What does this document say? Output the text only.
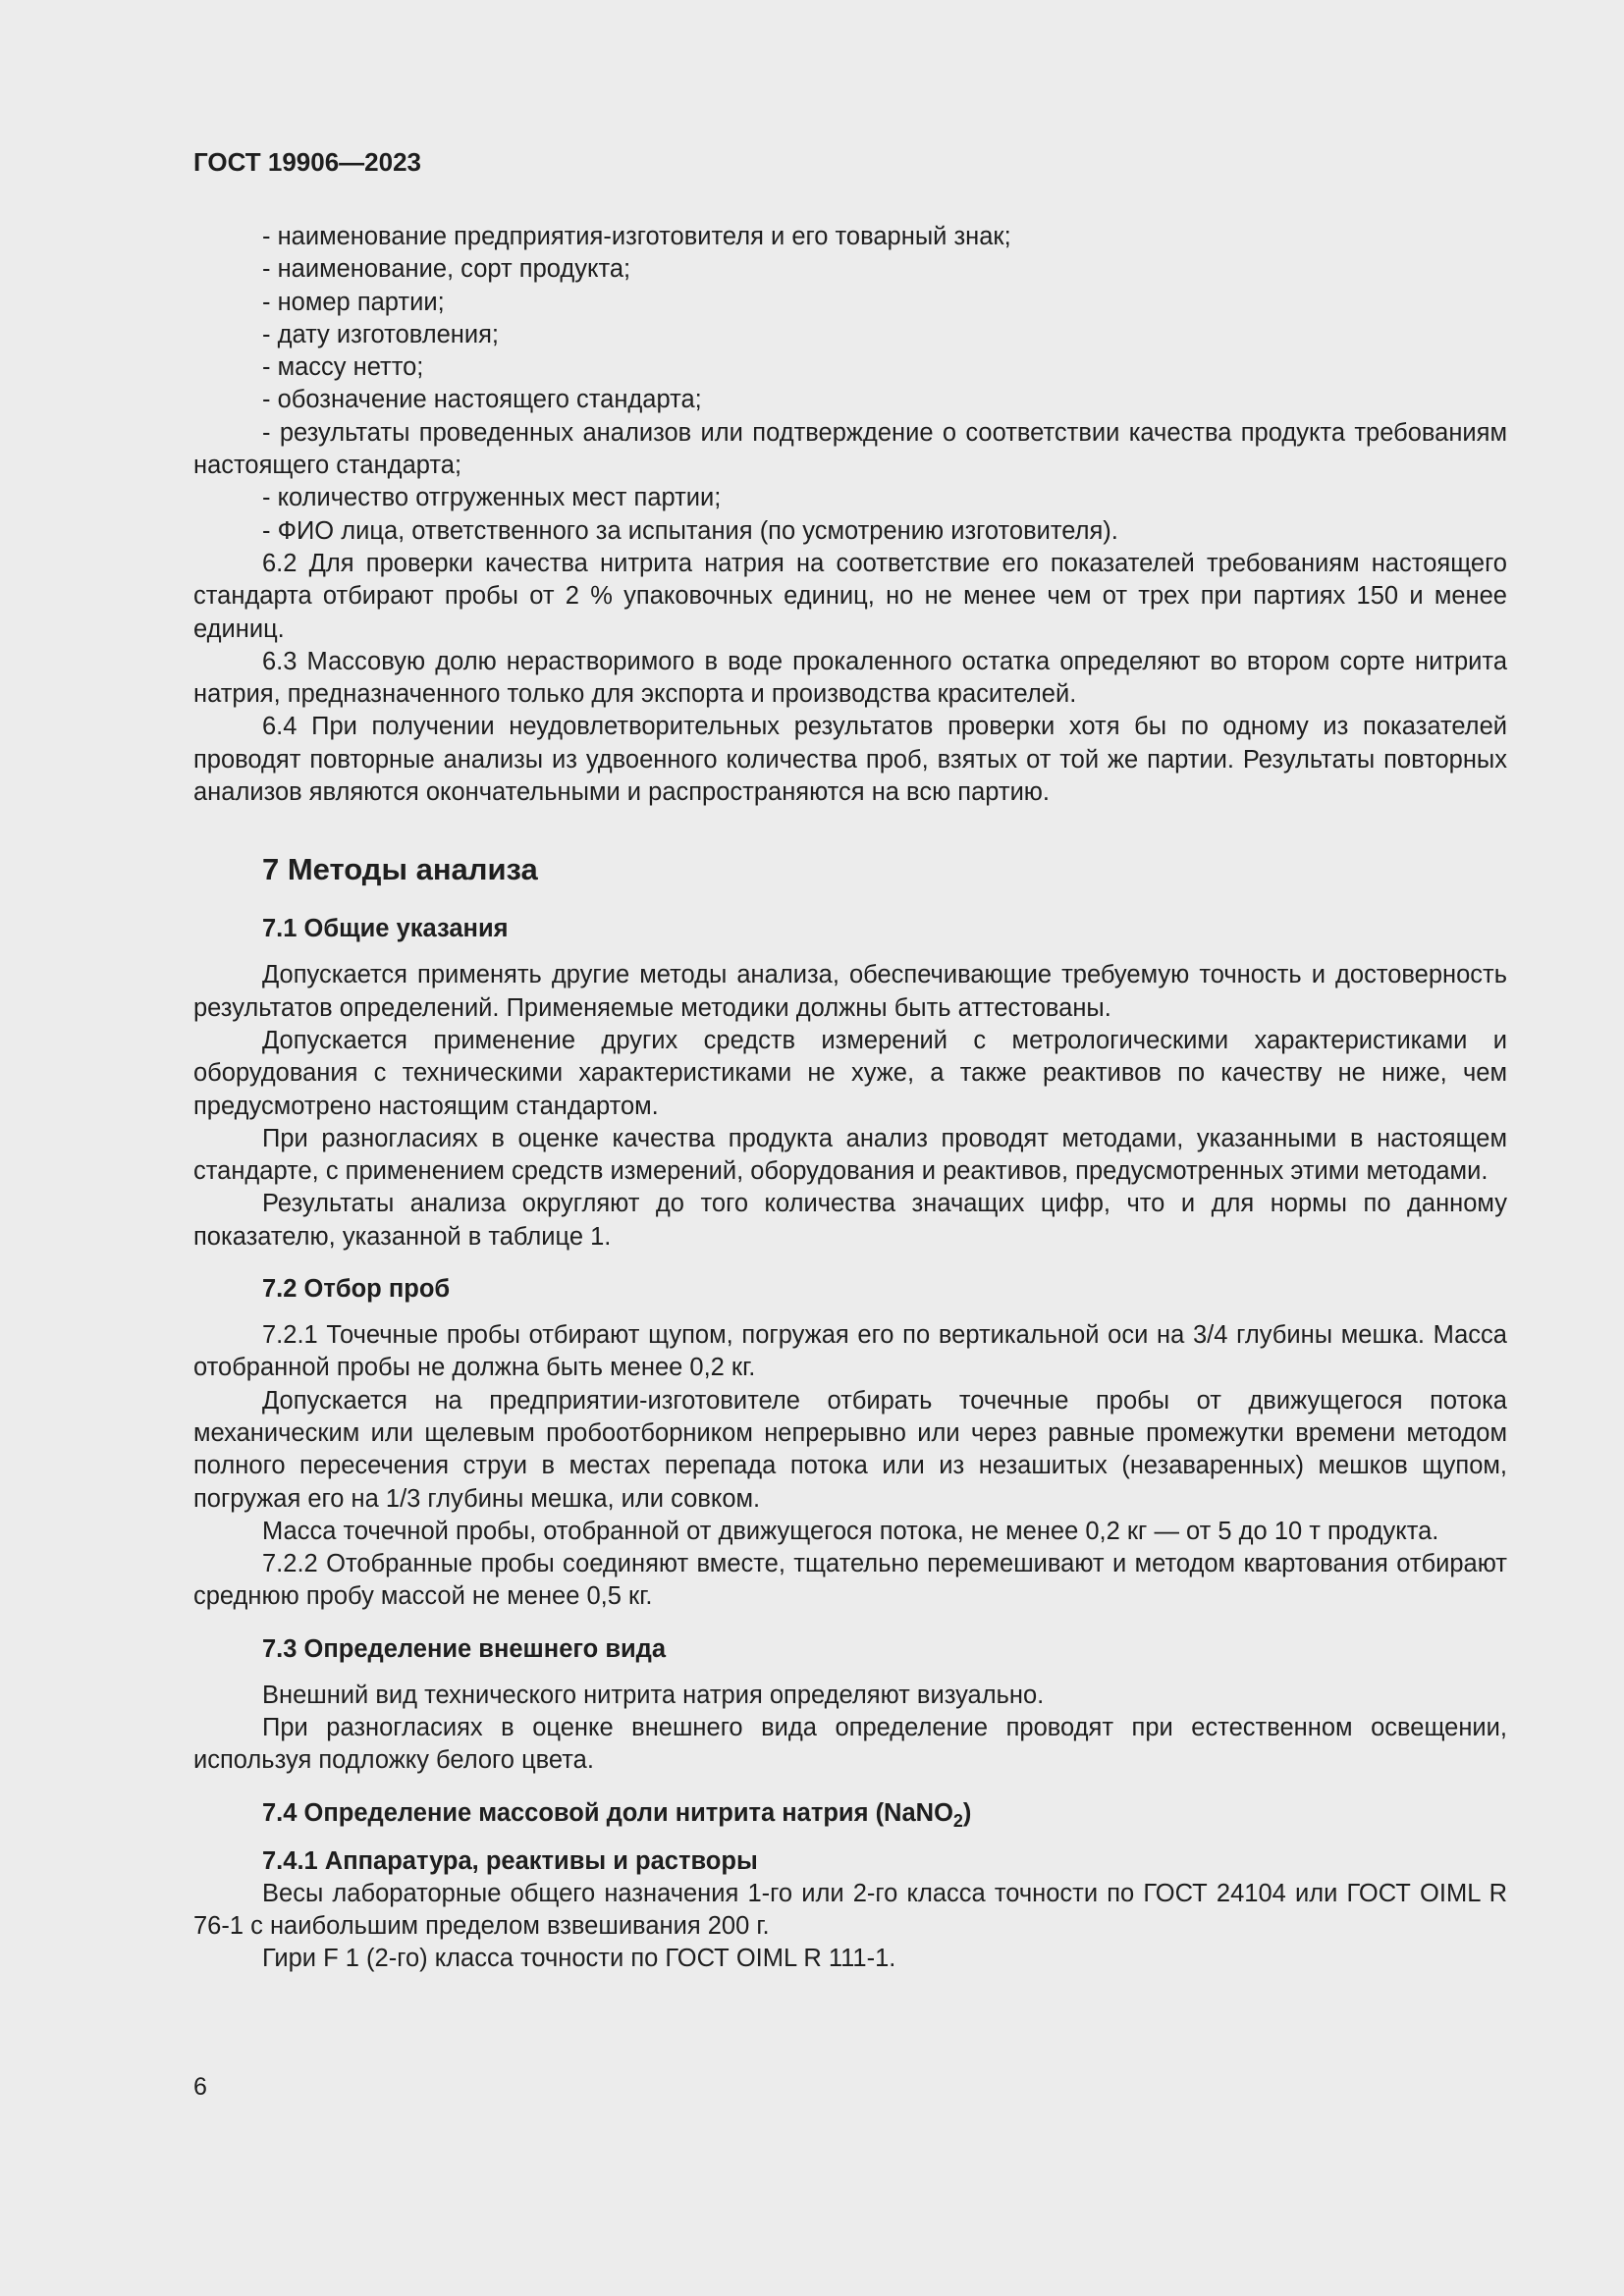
ГОСТ 19906—2023

- наименование предприятия-изготовителя и его товарный знак;

- наименование, сорт продукта;

- номер партии;

- дату изготовления;

- массу нетто;

- обозначение настоящего стандарта;

- результаты проведенных анализов или подтверждение о соответствии качества продукта требованиям настоящего стандарта;

- количество отгруженных мест партии;

- ФИО лица, ответственного за испытания (по усмотрению изготовителя).

6.2 Для проверки качества нитрита натрия на соответствие его показателей требованиям настоящего стандарта отбирают пробы от 2 % упаковочных единиц, но не менее чем от трех при партиях 150 и менее единиц.

6.3 Массовую долю нерастворимого в воде прокаленного остатка определяют во втором сорте нитрита натрия, предназначенного только для экспорта и производства красителей.

6.4 При получении неудовлетворительных результатов проверки хотя бы по одному из показателей проводят повторные анализы из удвоенного количества проб, взятых от той же партии. Результаты повторных анализов являются окончательными и распространяются на всю партию.

7 Методы анализа
7.1 Общие указания

Допускается применять другие методы анализа, обеспечивающие требуемую точность и достоверность результатов определений. Применяемые методики должны быть аттестованы.

Допускается применение других средств измерений с метрологическими характеристиками и оборудования с техническими характеристиками не хуже, а также реактивов по качеству не ниже, чем предусмотрено настоящим стандартом.

При разногласиях в оценке качества продукта анализ проводят методами, указанными в настоящем стандарте, с применением средств измерений, оборудования и реактивов, предусмотренных этими методами.

Результаты анализа округляют до того количества значащих цифр, что и для нормы по данному показателю, указанной в таблице 1.

7.2 Отбор проб

7.2.1 Точечные пробы отбирают щупом, погружая его по вертикальной оси на 3/4 глубины мешка. Масса отобранной пробы не должна быть менее 0,2 кг.

Допускается на предприятии-изготовителе отбирать точечные пробы от движущегося потока механическим или щелевым пробоотборником непрерывно или через равные промежутки времени методом полного пересечения струи в местах перепада потока или из незашитых (незаваренных) мешков щупом, погружая его на 1/3 глубины мешка, или совком.

Масса точечной пробы, отобранной от движущегося потока, не менее 0,2 кг — от 5 до 10 т продукта.

7.2.2 Отобранные пробы соединяют вместе, тщательно перемешивают и методом квартования отбирают среднюю пробу массой не менее 0,5 кг.

7.3 Определение внешнего вида

Внешний вид технического нитрита натрия определяют визуально.

При разногласиях в оценке внешнего вида определение проводят при естественном освещении, используя подложку белого цвета.

7.4 Определение массовой доли нитрита натрия (NaNO$_2$)
7.4.1 Аппаратура, реактивы и растворы

Весы лабораторные общего назначения 1-го или 2-го класса точности по ГОСТ 24104 или ГОСТ OIML R 76-1 с наибольшим пределом взвешивания 200 г.

Гири F 1 (2-го) класса точности по ГОСТ OIML R 111-1.

6
